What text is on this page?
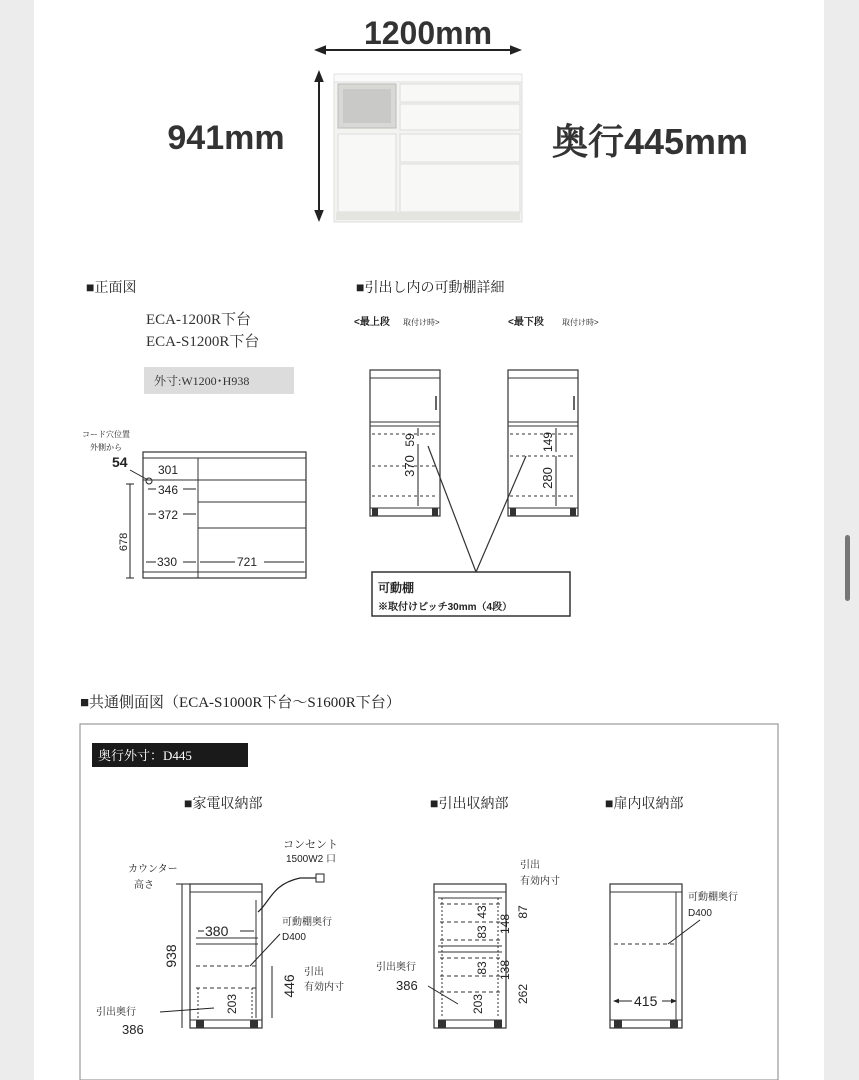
1200mm
941mm	奥行445mm
■正面図
ECA-1200R下台
ECA-S1200R下台
外寸:W1200･H938
コード穴位置
外側から
54	301
346
372
678
330	721
■引出し内の可動棚詳細
<最上段 取付け時>	<最下段 取付け時>
59
370
149
280
可動棚
※取付けピッチ30mm（4段）
■共通側面図（ECA-S1000R下台～S1600R下台）
奥行外寸：D445
■家電収納部	■引出収納部	■扉内収納部
コンセント
1500W2 口
カウンター
高さ
938
380
可動棚奥行
D400
446
引出
有効内寸
203
引出奥行
386
引出
有効内寸
43
83 148
87
83 138
203	262
引出奥行
386
可動棚奥行
D400
415
